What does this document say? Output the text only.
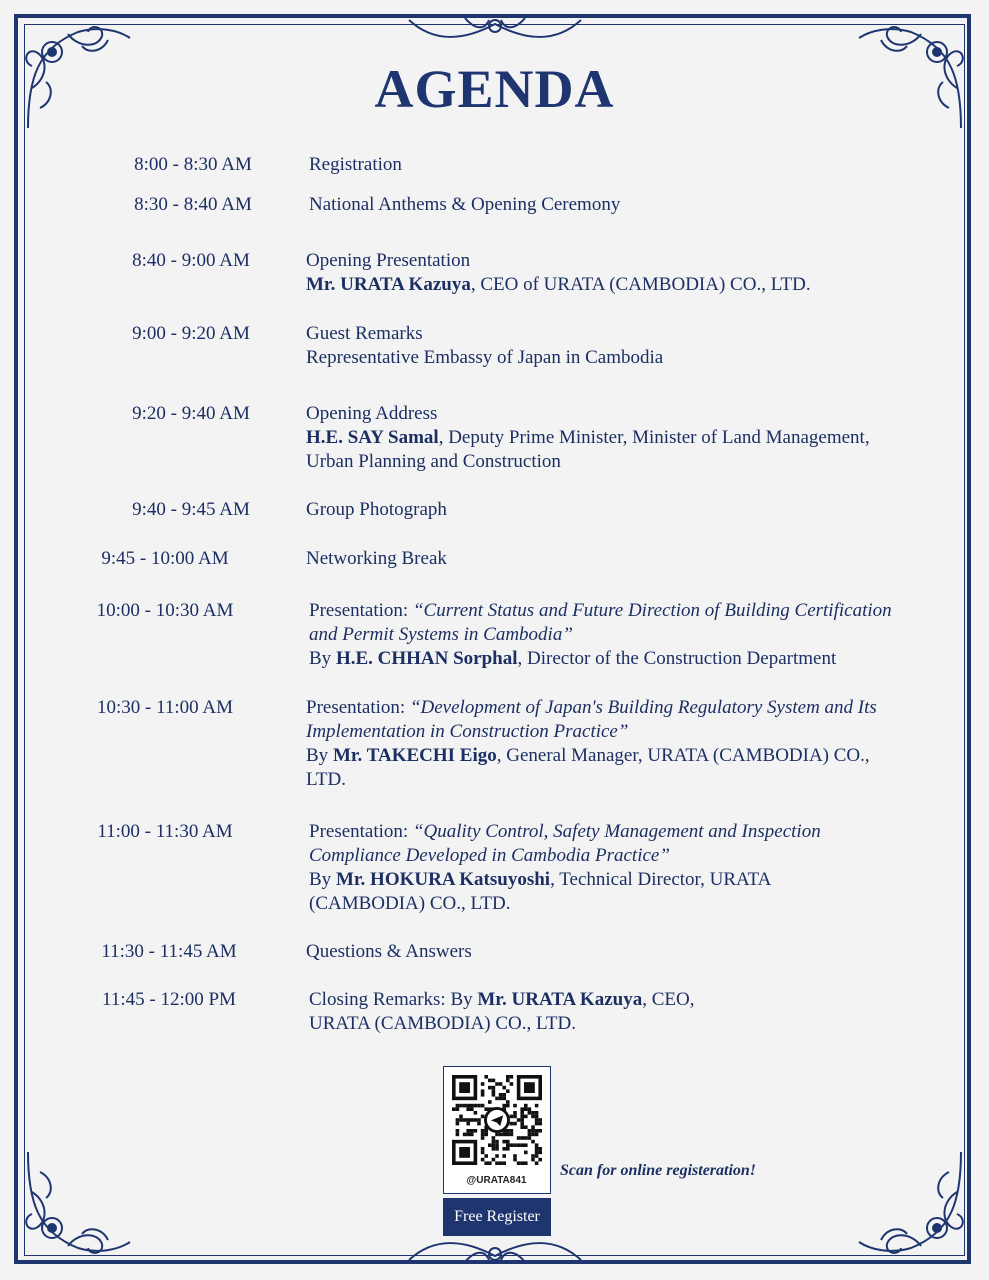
AGENDA
8:00 - 8:30 AM	Registration
8:30 - 8:40 AM	National Anthems & Opening Ceremony
8:40 - 9:00 AM	Opening Presentation
Mr. URATA Kazuya, CEO of URATA (CAMBODIA) CO., LTD.
9:00 - 9:20 AM	Guest Remarks
Representative Embassy of Japan in Cambodia
9:20 - 9:40 AM	Opening Address
H.E. SAY Samal, Deputy Prime Minister, Minister of Land Management,
Urban Planning and Construction
9:40 - 9:45 AM	Group Photograph
9:45 - 10:00 AM	Networking Break
10:00 - 10:30 AM	Presentation: “Current Status and Future Direction of Building Certification
and Permit Systems in Cambodia”
By H.E. CHHAN Sorphal, Director of the Construction Department
10:30 - 11:00 AM	Presentation: “Development of Japan's Building Regulatory System and Its
Implementation in Construction Practice”
By Mr. TAKECHI Eigo, General Manager, URATA (CAMBODIA) CO.,
LTD.
11:00 - 11:30 AM	Presentation: “Quality Control, Safety Management and Inspection
Compliance Developed in Cambodia Practice”
By Mr. HOKURA Katsuyoshi, Technical Director, URATA
(CAMBODIA) CO., LTD.
11:30 - 11:45 AM	Questions & Answers
11:45 - 12:00 PM	Closing Remarks: By Mr. URATA Kazuya, CEO,
URATA (CAMBODIA) CO., LTD.
@URATA841
Free Register
Scan for online registeration!
